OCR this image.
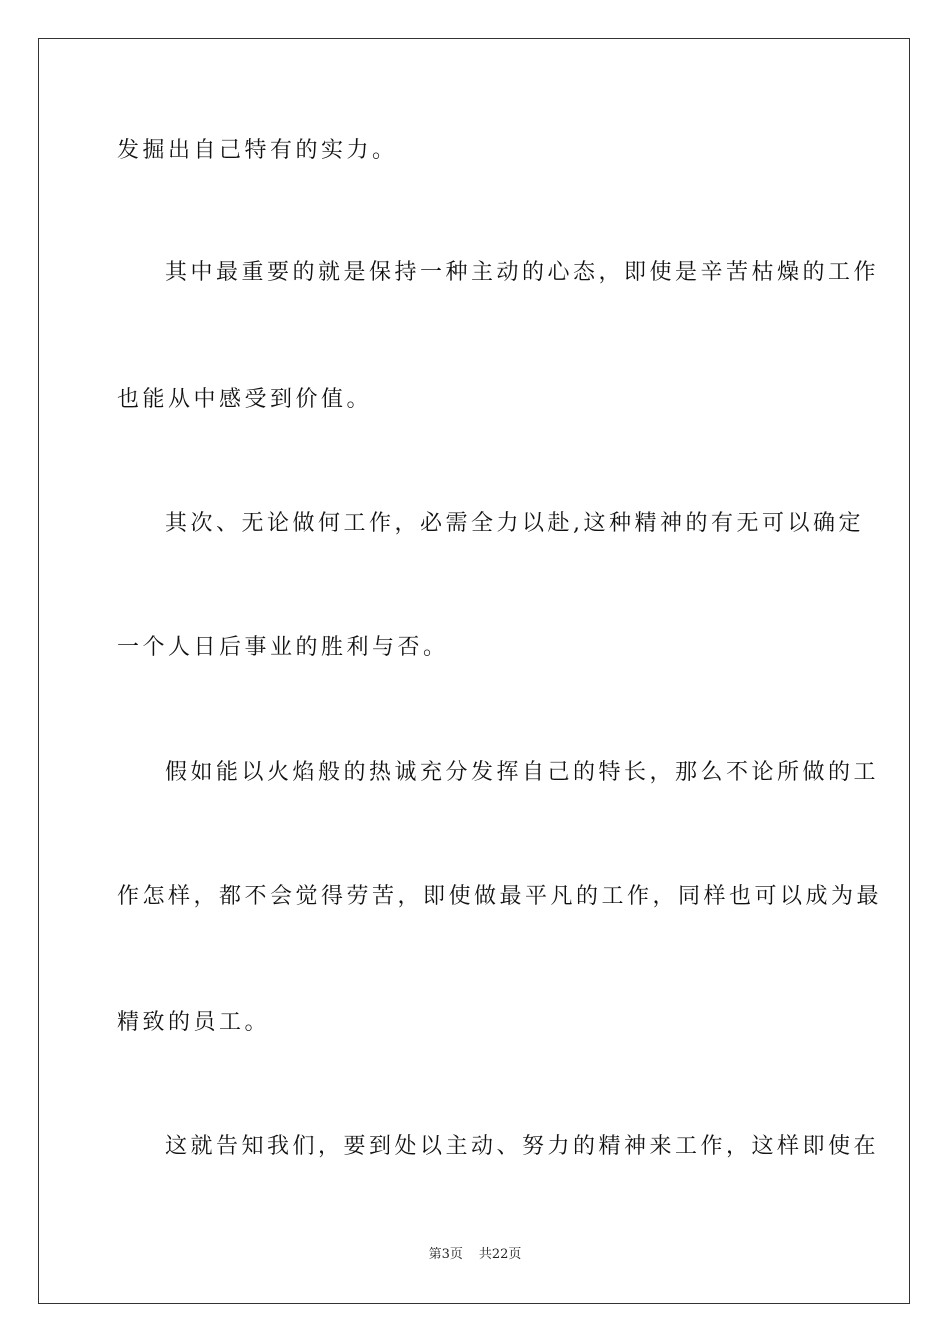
发掘出自己特有的实力。
其中最重要的就是保持一种主动的心态，即使是辛苦枯燥的工作
也能从中感受到价值。
其次、无论做何工作，必需全力以赴,这种精神的有无可以确定
一个人日后事业的胜利与否。
假如能以火焰般的热诚充分发挥自己的特长，那么不论所做的工
作怎样，都不会觉得劳苦，即使做最平凡的工作，同样也可以成为最
精致的员工。
这就告知我们，要到处以主动、努力的精神来工作，这样即使在
第3页 共22页
